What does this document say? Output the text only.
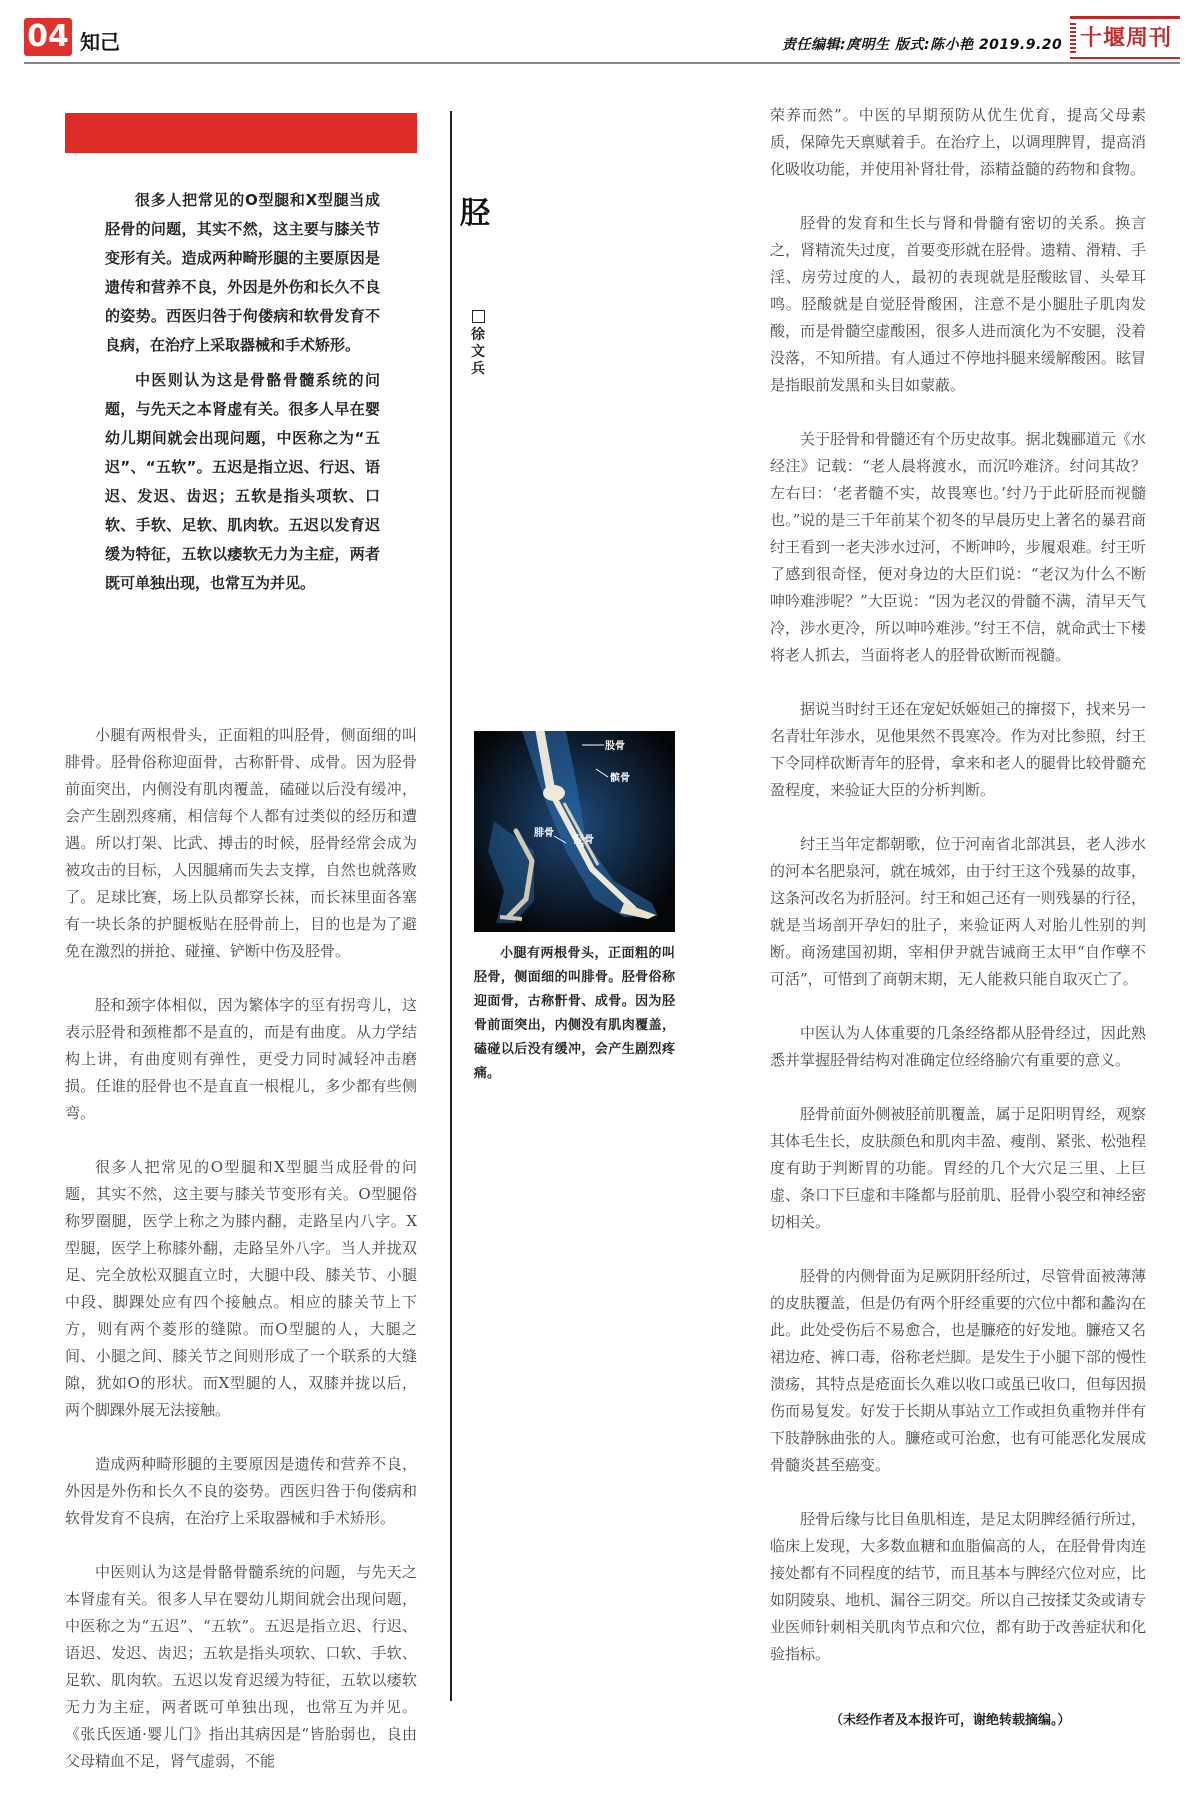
04 知己	责任编辑:庹明生 版式:陈小艳 2019.9.20 十堰周刊

很多人把常见的O型腿和X型腿当成胫骨的问题，其实不然，这主要与膝关节变形有关。造成两种畸形腿的主要原因是遗传和营养不良，外因是外伤和长久不良的姿势。西医归咎于佝偻病和软骨发育不良病，在治疗上采取器械和手术矫形。

中医则认为这是骨骼骨髓系统的问题，与先天之本肾虚有关。很多人早在婴幼儿期间就会出现问题，中医称之为“五迟”、“五软”。五迟是指立迟、行迟、语迟、发迟、齿迟；五软是指头项软、口软、手软、足软、肌肉软。五迟以发育迟缓为特征，五软以痿软无力为主症，两者既可单独出现，也常互为并见。

胫
徐文兵

小腿有两根骨头，正面粗的叫胫骨，侧面细的叫腓骨。胫骨俗称迎面骨，古称骭骨、成骨。因为胫骨前面突出，内侧没有肌肉覆盖，磕碰以后没有缓冲，会产生剧烈疼痛，相信每个人都有过类似的经历和遭遇。所以打架、比武、搏击的时候，胫骨经常会成为被攻击的目标，人因腿痛而失去支撑，自然也就落败了。足球比赛，场上队员都穿长袜，而长袜里面各塞有一块长条的护腿板贴在胫骨前上，目的也是为了避免在激烈的拼抢、碰撞、铲断中伤及胫骨。

胫和颈字体相似，因为繁体字的巠有拐弯儿，这表示胫骨和颈椎都不是直的，而是有曲度。从力学结构上讲，有曲度则有弹性，更受力同时减轻冲击磨损。任谁的胫骨也不是直直一根棍儿，多少都有些侧弯。

很多人把常见的O型腿和X型腿当成胫骨的问题，其实不然，这主要与膝关节变形有关。O型腿俗称罗圈腿，医学上称之为膝内翻，走路呈内八字。X型腿，医学上称膝外翻，走路呈外八字。当人并拢双足、完全放松双腿直立时，大腿中段、膝关节、小腿中段、脚踝处应有四个接触点。相应的膝关节上下方，则有两个菱形的缝隙。而O型腿的人，大腿之间、小腿之间、膝关节之间则形成了一个联系的大缝隙，犹如O的形状。而X型腿的人，双膝并拢以后，两个脚踝外展无法接触。

造成两种畸形腿的主要原因是遗传和营养不良，外因是外伤和长久不良的姿势。西医归咎于佝偻病和软骨发育不良病，在治疗上采取器械和手术矫形。

中医则认为这是骨骼骨髓系统的问题，与先天之本肾虚有关。很多人早在婴幼儿期间就会出现问题，中医称之为“五迟”、“五软”。五迟是指立迟、行迟、语迟、发迟、齿迟；五软是指头项软、口软、手软、足软、肌肉软。五迟以发育迟缓为特征，五软以痿软无力为主症，两者既可单独出现，也常互为并见。《张氏医通·婴儿门》指出其病因是“皆胎弱也，良由父母精血不足，肾气虚弱，不能

股骨
髌骨
腓骨
胫骨

小腿有两根骨头，正面粗的叫胫骨，侧面细的叫腓骨。胫骨俗称迎面骨，古称骭骨、成骨。因为胫骨前面突出，内侧没有肌肉覆盖，磕碰以后没有缓冲，会产生剧烈疼痛。

荣养而然”。中医的早期预防从优生优育，提高父母素质，保障先天禀赋着手。在治疗上，以调理脾胃，提高消化吸收功能，并使用补肾壮骨，添精益髓的药物和食物。

胫骨的发育和生长与肾和骨髓有密切的关系。换言之，肾精流失过度，首要变形就在胫骨。遗精、滑精、手淫、房劳过度的人，最初的表现就是胫酸眩冒、头晕耳鸣。胫酸就是自觉胫骨酸困，注意不是小腿肚子肌肉发酸，而是骨髓空虚酸困，很多人进而演化为不安腿，没着没落，不知所措。有人通过不停地抖腿来缓解酸困。眩冒是指眼前发黑和头目如蒙蔽。

关于胫骨和骨髓还有个历史故事。据北魏郦道元《水经注》记载：“老人晨将渡水，而沉吟难济。纣问其故？左右曰：‘老者髓不实，故畏寒也。’纣乃于此斫胫而视髓也。”说的是三千年前某个初冬的早晨历史上著名的暴君商纣王看到一老夫涉水过河，不断呻吟，步履艰难。纣王听了感到很奇怪，便对身边的大臣们说：“老汉为什么不断呻吟难涉呢？”大臣说：“因为老汉的骨髓不满，清早天气冷，涉水更冷，所以呻吟难涉。”纣王不信，就命武士下楼将老人抓去，当面将老人的胫骨砍断而视髓。

据说当时纣王还在宠妃妖姬妲己的撺掇下，找来另一名青壮年涉水，见他果然不畏寒冷。作为对比参照，纣王下令同样砍断青年的胫骨，拿来和老人的腿骨比较骨髓充盈程度，来验证大臣的分析判断。

纣王当年定都朝歌，位于河南省北部淇县，老人涉水的河本名肥泉河，就在城郊，由于纣王这个残暴的故事，这条河改名为折胫河。纣王和妲己还有一则残暴的行径，就是当场剖开孕妇的肚子，来验证两人对胎儿性别的判断。商汤建国初期，宰相伊尹就告诫商王太甲“自作孽不可活”，可惜到了商朝末期，无人能救只能自取灭亡了。

中医认为人体重要的几条经络都从胫骨经过，因此熟悉并掌握胫骨结构对准确定位经络腧穴有重要的意义。

胫骨前面外侧被胫前肌覆盖，属于足阳明胃经，观察其体毛生长，皮肤颜色和肌肉丰盈、瘦削、紧张、松弛程度有助于判断胃的功能。胃经的几个大穴足三里、上巨虚、条口下巨虚和丰隆都与胫前肌、胫骨小裂空和神经密切相关。

胫骨的内侧骨面为足厥阴肝经所过，尽管骨面被薄薄的皮肤覆盖，但是仍有两个肝经重要的穴位中都和蠡沟在此。此处受伤后不易愈合，也是臁疮的好发地。臁疮又名裙边疮、裤口毒，俗称老烂脚。是发生于小腿下部的慢性溃疡，其特点是疮面长久难以收口或虽已收口，但每因损伤而易复发。好发于长期从事站立工作或担负重物并伴有下肢静脉曲张的人。臁疮或可治愈，也有可能恶化发展成骨髓炎甚至癌变。

胫骨后缘与比目鱼肌相连，是足太阴脾经循行所过，临床上发现，大多数血糖和血脂偏高的人，在胫骨骨肉连接处都有不同程度的结节，而且基本与脾经穴位对应，比如阴陵泉、地机、漏谷三阴交。所以自己按揉艾灸或请专业医师针刺相关肌肉节点和穴位，都有助于改善症状和化验指标。

（未经作者及本报许可，谢绝转载摘编。）
